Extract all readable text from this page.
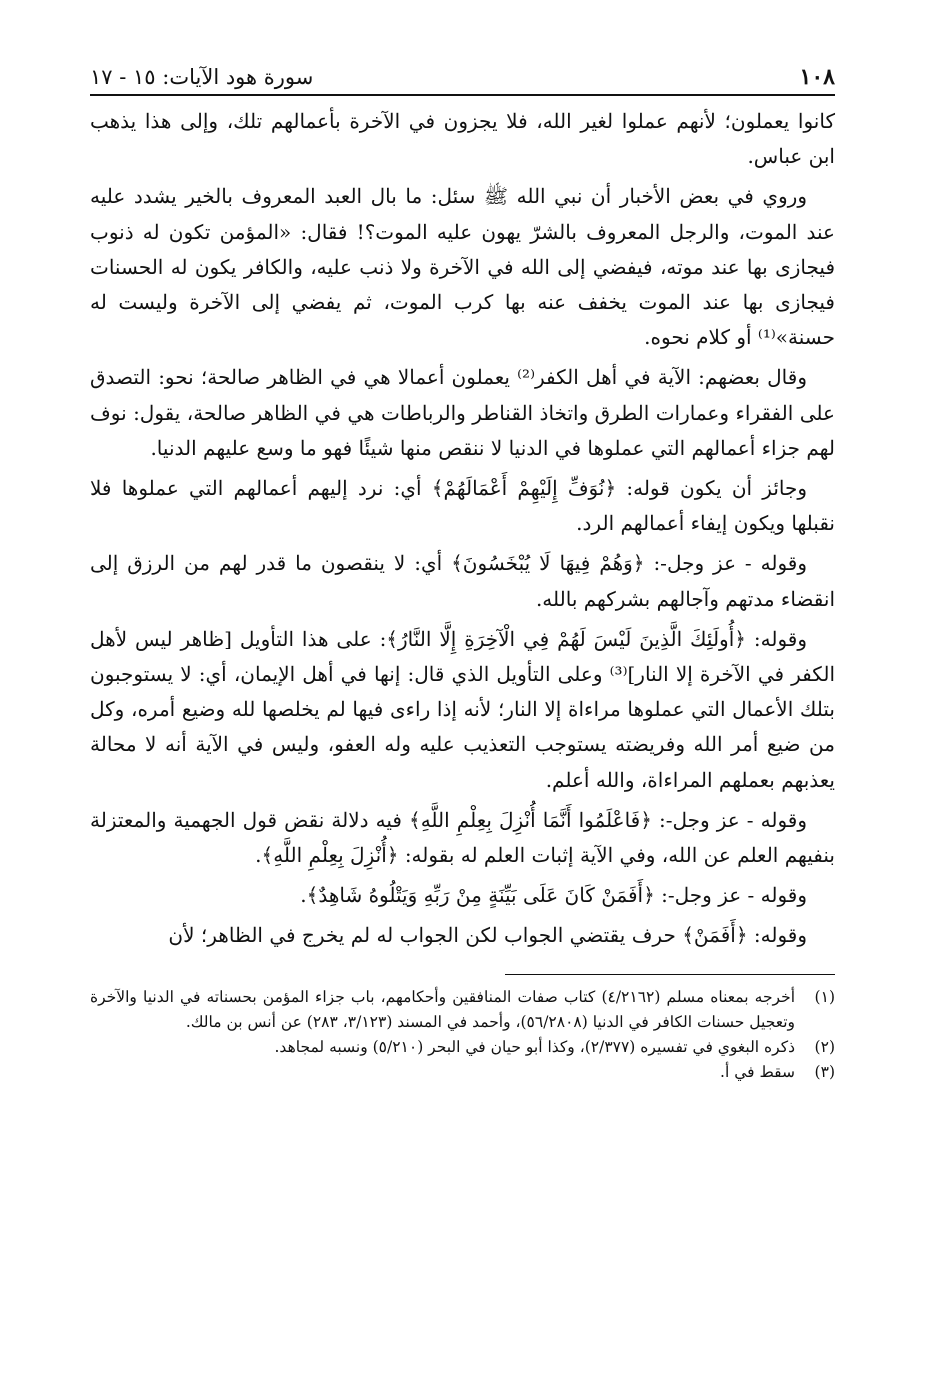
١٠٨
سورة هود الآيات: ١٥ - ١٧

كانوا يعملون؛ لأنهم عملوا لغير الله، فلا يجزون في الآخرة بأعمالهم تلك، وإلى هذا يذهب ابن عباس.

وروي في بعض الأخبار أن نبي الله ﷺ سئل: ما بال العبد المعروف بالخير يشدد عليه عند الموت، والرجل المعروف بالشرّ يهون عليه الموت؟! فقال: «المؤمن تكون له ذنوب فيجازى بها عند موته، فيفضي إلى الله في الآخرة ولا ذنب عليه، والكافر يكون له الحسنات فيجازى بها عند الموت يخفف عنه بها كرب الموت، ثم يفضي إلى الآخرة وليست له حسنة»⁽¹⁾ أو كلام نحوه.

وقال بعضهم: الآية في أهل الكفر⁽²⁾ يعملون أعمالا هي في الظاهر صالحة؛ نحو: التصدق على الفقراء وعمارات الطرق واتخاذ القناطر والرباطات هي في الظاهر صالحة، يقول: نوف لهم جزاء أعمالهم التي عملوها في الدنيا لا ننقص منها شيئًا فهو ما وسع عليهم الدنيا.

وجائز أن يكون قوله: ﴿نُوَفِّ إِلَيْهِمْ أَعْمَالَهُمْ﴾ أي: نرد إليهم أعمالهم التي عملوها فلا نقبلها ويكون إيفاء أعمالهم الرد.

وقوله - عز وجل-: ﴿وَهُمْ فِيهَا لَا يُبْخَسُونَ﴾ أي: لا ينقصون ما قدر لهم من الرزق إلى انقضاء مدتهم وآجالهم بشركهم بالله.

وقوله: ﴿أُولَئِكَ الَّذِينَ لَيْسَ لَهُمْ فِي الْآخِرَةِ إِلَّا النَّارُ﴾: على هذا التأويل [ظاهر ليس لأهل الكفر في الآخرة إلا النار]⁽³⁾ وعلى التأويل الذي قال: إنها في أهل الإيمان، أي: لا يستوجبون بتلك الأعمال التي عملوها مراءاة إلا النار؛ لأنه إذا راءى فيها لم يخلصها لله وضيع أمره، وكل من ضيع أمر الله وفريضته يستوجب التعذيب عليه وله العفو، وليس في الآية أنه لا محالة يعذبهم بعملهم المراءاة، والله أعلم.

وقوله - عز وجل-: ﴿فَاعْلَمُوا أَنَّمَا أُنْزِلَ بِعِلْمِ اللَّهِ﴾ فيه دلالة نقض قول الجهمية والمعتزلة بنفيهم العلم عن الله، وفي الآية إثبات العلم له بقوله: ﴿أُنْزِلَ بِعِلْمِ اللَّهِ﴾.

وقوله - عز وجل-: ﴿أَفَمَنْ كَانَ عَلَى بَيِّنَةٍ مِنْ رَبِّهِ وَيَتْلُوهُ شَاهِدٌ﴾.

وقوله: ﴿أَفَمَنْ﴾ حرف يقتضي الجواب لكن الجواب له لم يخرج في الظاهر؛ لأن

(١)
أخرجه بمعناه مسلم (٤/٢١٦٢) كتاب صفات المنافقين وأحكامهم، باب جزاء المؤمن بحسناته في الدنيا والآخرة وتعجيل حسنات الكافر في الدنيا (٥٦/٢٨٠٨)، وأحمد في المسند (٣/١٢٣، ٢٨٣) عن أنس بن مالك.
(٢)
ذكره البغوي في تفسيره (٢/٣٧٧)، وكذا أبو حيان في البحر (٥/٢١٠) ونسبه لمجاهد.
(٣)
سقط في أ.
